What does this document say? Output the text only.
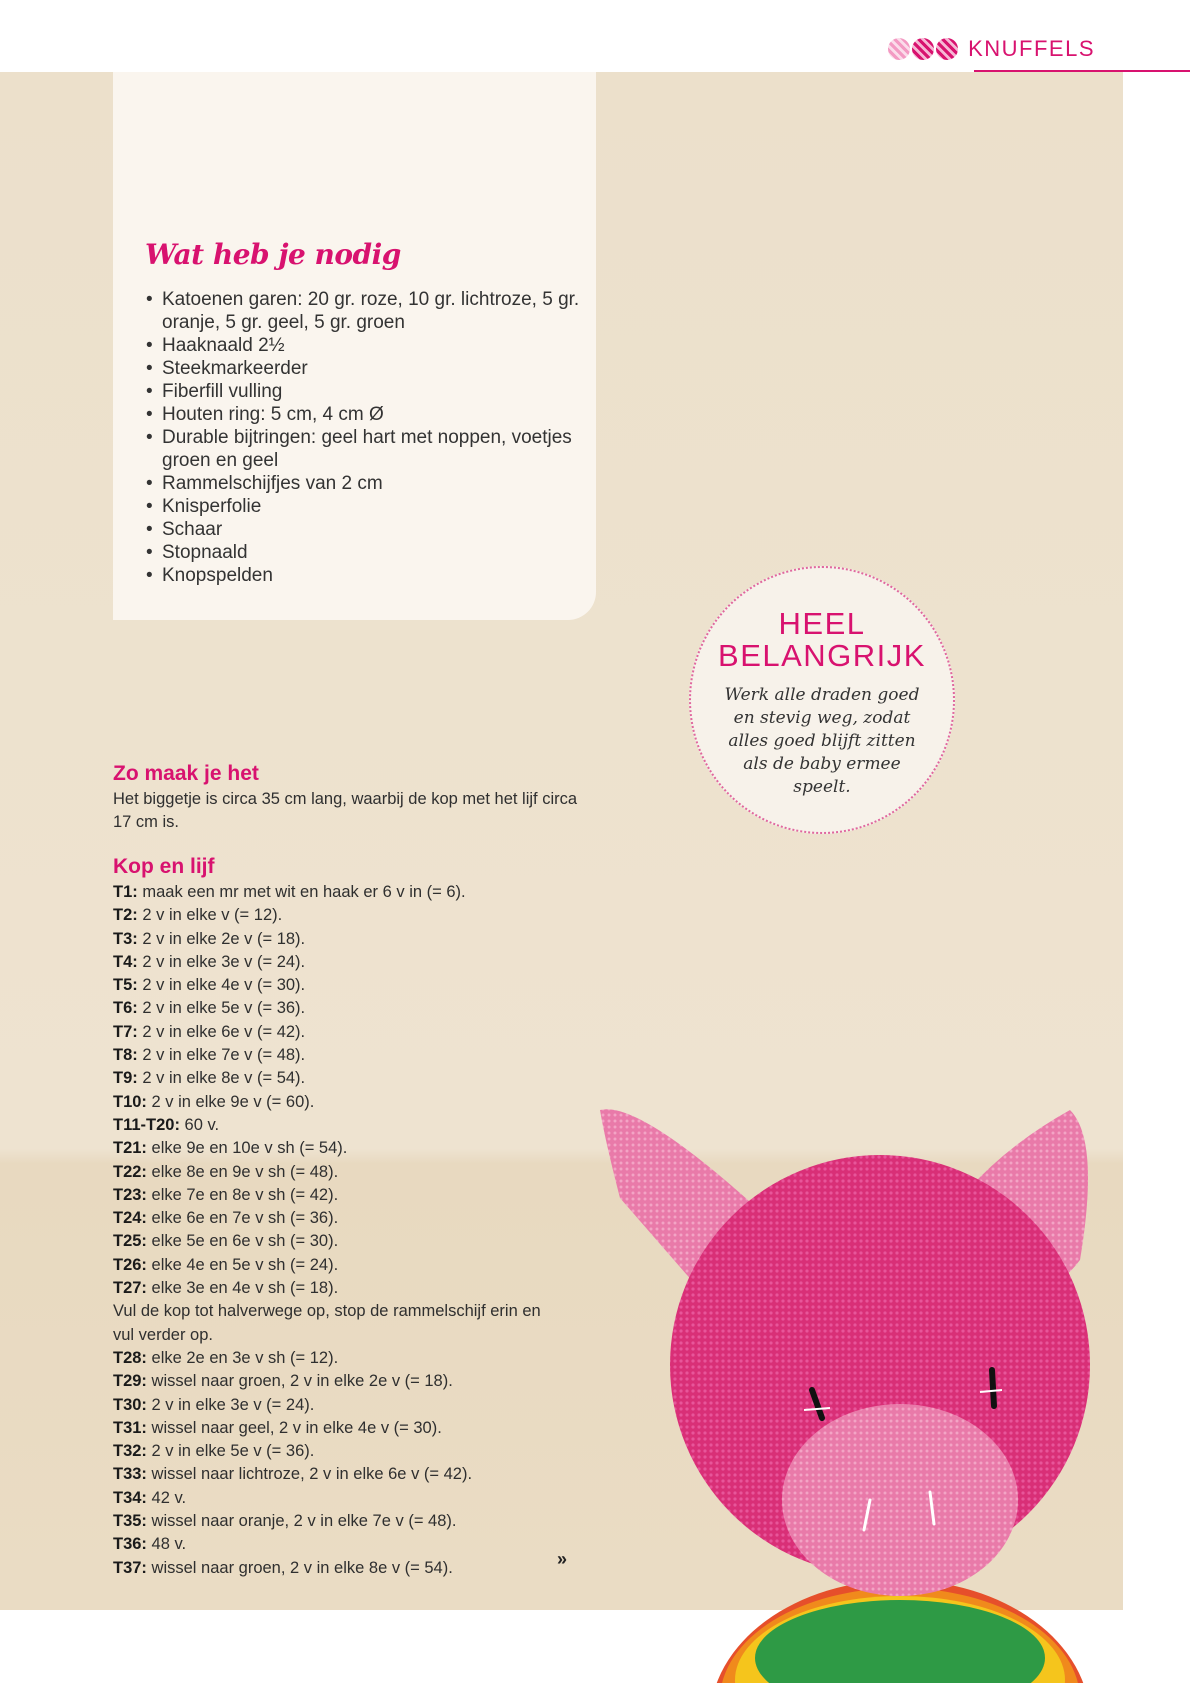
KNUFFELS
Wat heb je nodig
• Katoenen garen: 20 gr. roze, 10 gr. lichtroze, 5 gr. oranje, 5 gr. geel, 5 gr. groen
• Haaknaald 2½
• Steekmarkeerder
• Fiberfill vulling
• Houten ring: 5 cm, 4 cm Ø
• Durable bijtringen: geel hart met noppen, voetjes groen en geel
• Rammelschijfjes van 2 cm
• Knisperfolie
• Schaar
• Stopnaald
• Knopspelden
HEEL BELANGRIJK

Werk alle draden goed en stevig weg, zodat alles goed blijft zitten als de baby ermee speelt.

Zo maak je het

Het biggetje is circa 35 cm lang, waarbij de kop met het lijf circa 17 cm is.

Kop en lijf
T1: maak een mr met wit en haak er 6 v in (= 6).
T2: 2 v in elke v (= 12).
T3: 2 v in elke 2e v (= 18).
T4: 2 v in elke 3e v (= 24).
T5: 2 v in elke 4e v (= 30).
T6: 2 v in elke 5e v (= 36).
T7: 2 v in elke 6e v (= 42).
T8: 2 v in elke 7e v (= 48).
T9: 2 v in elke 8e v (= 54).
T10: 2 v in elke 9e v (= 60).
T11-T20: 60 v.
T21: elke 9e en 10e v sh (= 54).
T22: elke 8e en 9e v sh (= 48).
T23: elke 7e en 8e v sh (= 42).
T24: elke 6e en 7e v sh (= 36).
T25: elke 5e en 6e v sh (= 30).
T26: elke 4e en 5e v sh (= 24).
T27: elke 3e en 4e v sh (= 18).
Vul de kop tot halverwege op, stop de rammelschijf erin en vul verder op.
T28: elke 2e en 3e v sh (= 12).
T29: wissel naar groen, 2 v in elke 2e v (= 18).
T30: 2 v in elke 3e v (= 24).
T31: wissel naar geel, 2 v in elke 4e v (= 30).
T32: 2 v in elke 5e v (= 36).
T33: wissel naar lichtroze, 2 v in elke 6e v (= 42).
T34: 42 v.
T35: wissel naar oranje, 2 v in elke 7e v (= 48).
T36: 48 v.
T37: wissel naar groen, 2 v in elke 8e v (= 54).	»
